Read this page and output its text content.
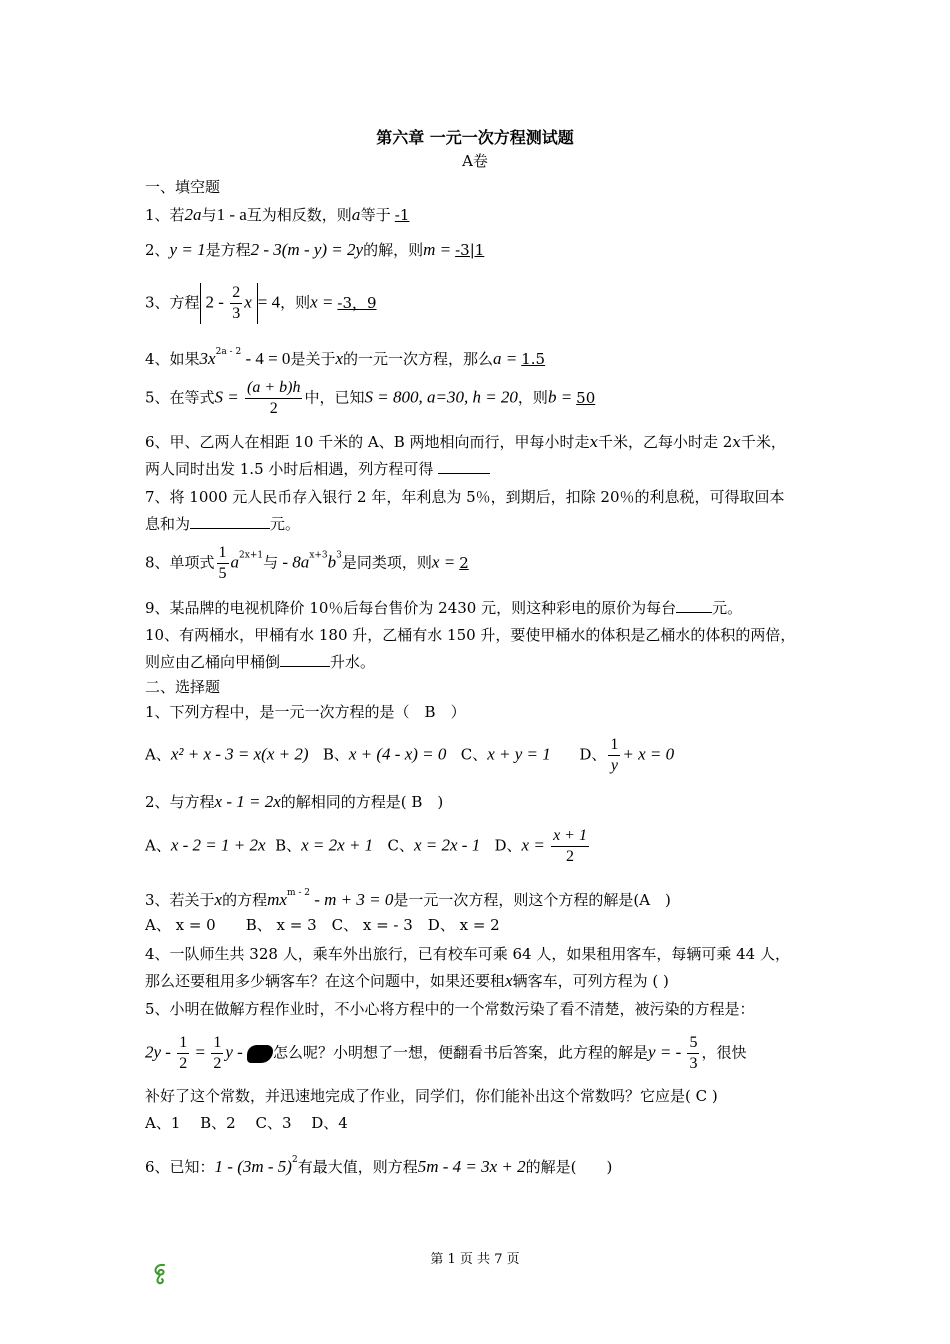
第六章 一元一次方程测试题
A卷
一、填空题
1、若2a与1 - a互为相反数，则a等于 -1
2、y = 1是方程2 - 3(m - y) = 2y的解，则m = -3|1
3、方程 $2 - \frac{2}{3}$ x = 4，则x = -3，9
4、如果$3x^{2a - 2} - 4 = 0$是关于x的一元一次方程，那么a = 1.5
5、在等式$S = \frac{(a + b)h}{2}$ 中，已知S = 800, a=30, h = 20，则b = 50
6、甲、乙两人在相距 10 千米的 A、B 两地相向而行，甲每小时走x千米，乙每小时走 2x千米，
两人同时出发 1.5 小时后相遇，列方程可得
7、将 1000 元人民币存入银行 2 年，年利息为 5％，到期后，扣除 20％的利息税，可得取回本
息和为	元。
8、单项式 $\frac{1}{5} a^{2x+1}$与 - $8a^{x+3}b^3$是同类项，则x = 2
9、某品牌的电视机降价 10％后每台售价为 2430 元，则这种彩电的原价为每台 元。
10、有两桶水，甲桶有水 180 升，乙桶有水 150 升，要使甲桶水的体积是乙桶水的体积的两倍，
则应由乙桶向甲桶倒	升水。
二、选择题
1、下列方程中，是一元一次方程的是（　B　）
A、x² + x - 3 = x(x + 2) B、x + (4 - x) = 0 C、x + y = 1 D、 $\frac{1}{y} + x = 0$
2、与方程x - 1 = 2x的解相同的方程是( B　)
A、x - 2 = 1 + 2x B、x = 2x + 1 C、x = 2x - 1 D、$x = \frac{x + 1}{2}$
3、若关于x的方程$mx^{m - 2} - m + 3 = 0$是一元一次方程，则这个方程的解是(A　)
A、 x = 0　　B、 x = 3　C、 x = - 3　D、 x = 2
4、一队师生共 328 人，乘车外出旅行，已有校车可乘 64 人，如果租用客车，每辆可乘 44 人，
那么还要租用多少辆客车？在这个问题中，如果还要租x辆客车，可列方程为 ( )
5、小明在做解方程作业时，不小心将方程中的一个常数污染了看不清楚，被污染的方程是：
$2y - \frac{1}{2} = \frac{1}{2}$ y - 怎么呢？小明想了一想，便翻看书后答案，此方程的解是y = - $\frac{5}{3}$ ，很快
补好了这个常数，并迅速地完成了作业，同学们，你们能补出这个常数吗？它应是( C )
A、1　 B、2　 C、3　 D、4
6、已知：1 - (3m - 5)$^2$有最大值，则方程5m - 4 = 3x + 2的解是(　　)
第 1 页 共 7 页
